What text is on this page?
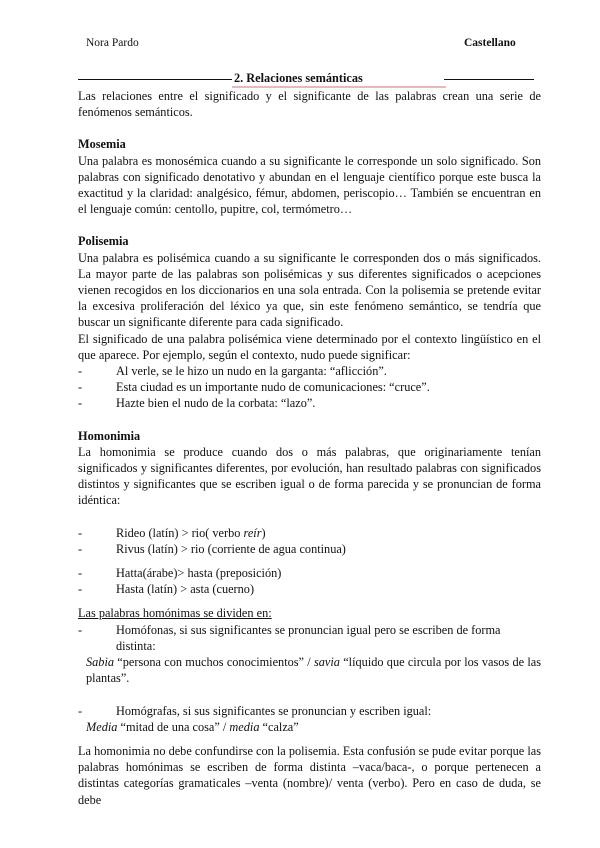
Nora Pardo	Castellano
2. Relaciones semánticas

Las relaciones entre el significado y el significante de las palabras crean una serie de fenómenos semánticos.

Mosemia

Una palabra es monosémica cuando a su significante le corresponde un solo significado. Son palabras con significado denotativo y abundan en el lenguaje científico porque este busca la exactitud y la claridad: analgésico, fémur, abdomen, periscopio… También se encuentran en el lenguaje común: centollo, pupitre, col, termómetro…

Polisemia

Una palabra es polisémica cuando a su significante le corresponden dos o más significados. La mayor parte de las palabras son polisémicas y sus diferentes significados o acepciones vienen recogidos en los diccionarios en una sola entrada. Con la polisemia se pretende evitar la excesiva proliferación del léxico ya que, sin este fenómeno semántico, se tendría que buscar un significante diferente para cada significado.

El significado de una palabra polisémica viene determinado por el contexto lingüístico en el que aparece. Por ejemplo, según el contexto, nudo puede significar:

-	Al verle, se le hizo un nudo en la garganta: “aflicción”.
-	Esta ciudad es un importante nudo de comunicaciones: “cruce”.
-	Hazte bien el nudo de la corbata: “lazo”.
Homonimia

La homonimia se produce cuando dos o más palabras, que originariamente tenían significados y significantes diferentes, por evolución, han resultado palabras con significados distintos y significantes que se escriben igual o de forma parecida y se pronuncian de forma idéntica:

-	Rideo (latín) > rio( verbo reír)
-	Rivus (latín) > rio (corriente de agua continua)
-	Hatta(árabe)> hasta (preposición)
-	Hasta (latín) > asta (cuerno)

Las palabras homónimas se dividen en:

-	Homófonas, si sus significantes se pronuncian igual pero se escriben de forma distinta:
Sabia “persona con muchos conocimientos” / savia “líquido que circula por los vasos de las plantas”.
-	Homógrafas, si sus significantes se pronuncian y escriben igual:
Media “mitad de una cosa” / media “calza”

La homonimia no debe confundirse con la polisemia. Esta confusión se pude evitar porque las palabras homónimas se escriben de forma distinta –vaca/baca-, o porque pertenecen a distintas categorías gramaticales –venta (nombre)/ venta (verbo). Pero en caso de duda, se debe
